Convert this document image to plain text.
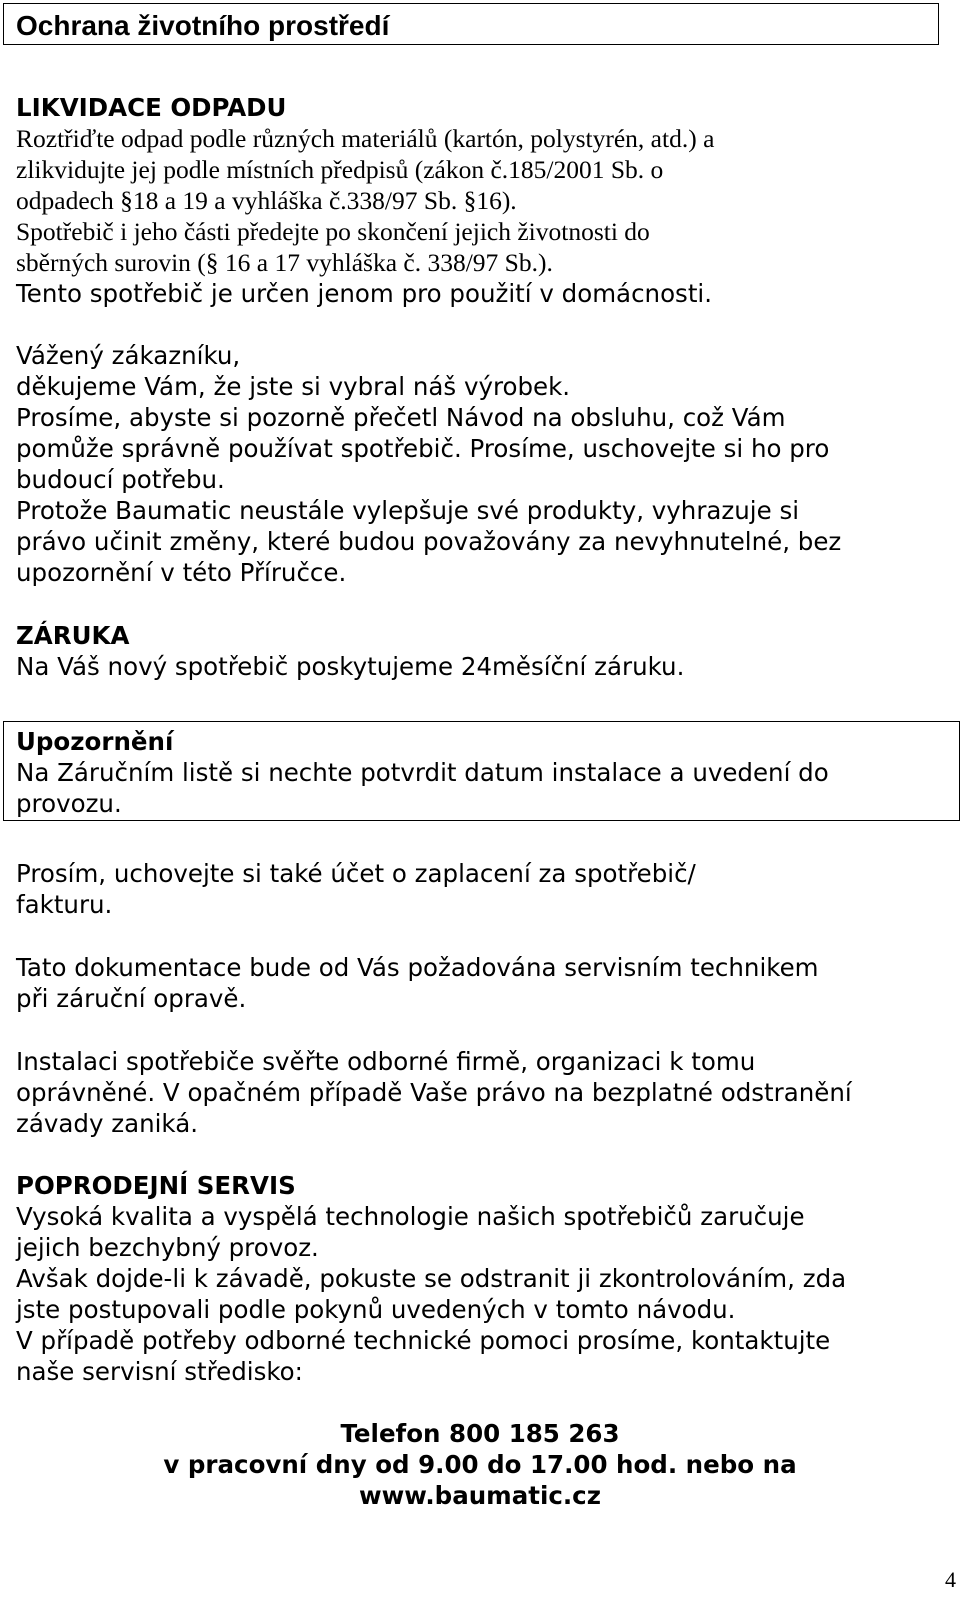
Ochrana životního prostředí

LIKVIDACE ODPADU

Roztřiďte odpad podle různých materiálů (kartón, polystyrén, atd.) a

zlikvidujte jej podle místních předpisů (zákon č.185/2001 Sb. o

odpadech §18 a 19 a vyhláška č.338/97 Sb. §16).

Spotřebič i jeho části předejte po skončení jejich životnosti do

sběrných surovin (§ 16 a 17 vyhláška č. 338/97 Sb.).

Tento spotřebič je určen jenom pro použití v domácnosti.

Vážený zákazníku,

děkujeme Vám, že jste si vybral náš výrobek.

Prosíme, abyste si pozorně přečetl Návod na obsluhu, což Vám

pomůže správně používat spotřebič. Prosíme, uschovejte si ho pro

budoucí potřebu.

Protože Baumatic neustále vylepšuje své produkty, vyhrazuje si

právo učinit změny, které budou považovány za nevyhnutelné, bez

upozornění v této Příručce.

ZÁRUKA

Na Váš nový spotřebič poskytujeme 24měsíční záruku.

Upozornění

Na Záručním listě si nechte potvrdit datum instalace a uvedení do

provozu.

Prosím, uchovejte si také účet o zaplacení za spotřebič/

fakturu.

Tato dokumentace bude od Vás požadována servisním technikem

při záruční opravě.

Instalaci spotřebiče svěřte odborné firmě, organizaci k tomu

oprávněné. V opačném případě Vaše právo na bezplatné odstranění

závady zaniká.

POPRODEJNÍ SERVIS

Vysoká kvalita a vyspělá technologie našich spotřebičů zaručuje

jejich bezchybný provoz.

Avšak dojde-li k závadě, pokuste se odstranit ji zkontrolováním, zda

jste postupovali podle pokynů uvedených v tomto návodu.

V případě potřeby odborné technické pomoci prosíme, kontaktujte

naše servisní středisko:

Telefon 800 185 263

v pracovní dny od 9.00 do 17.00 hod. nebo na

www.baumatic.cz

4
